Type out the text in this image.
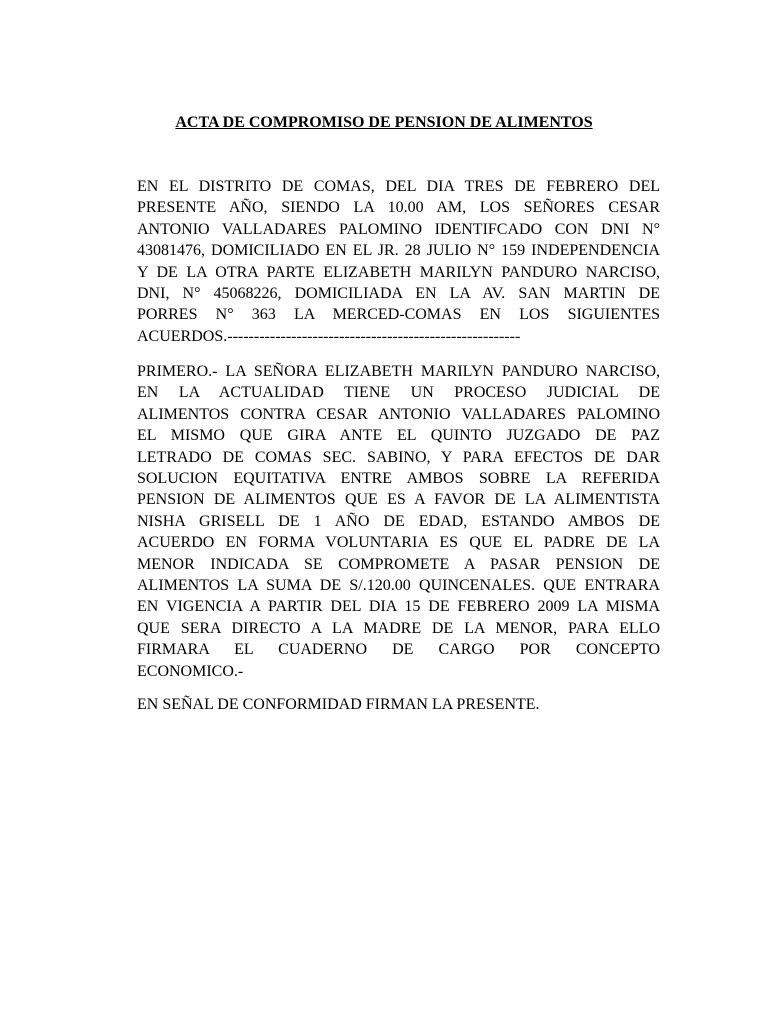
ACTA DE COMPROMISO DE PENSION DE ALIMENTOS
EN EL DISTRITO DE COMAS, DEL DIA TRES DE FEBRERO DEL
PRESENTE AÑO, SIENDO LA 10.00 AM, LOS SEÑORES CESAR
ANTONIO VALLADARES PALOMINO IDENTIFCADO CON DNI N°
43081476, DOMICILIADO EN EL JR. 28 JULIO N° 159 INDEPENDENCIA
Y DE LA OTRA PARTE ELIZABETH MARILYN PANDURO NARCISO,
DNI, N° 45068226, DOMICILIADA EN LA AV. SAN MARTIN DE
PORRES N° 363 LA MERCED-COMAS EN LOS SIGUIENTES
ACUERDOS.-------------------------------------------------------
PRIMERO.- LA SEÑORA ELIZABETH MARILYN PANDURO NARCISO,
EN LA ACTUALIDAD TIENE UN PROCESO JUDICIAL DE
ALIMENTOS CONTRA CESAR ANTONIO VALLADARES PALOMINO
EL MISMO QUE GIRA ANTE EL QUINTO JUZGADO DE PAZ
LETRADO DE COMAS SEC. SABINO, Y PARA EFECTOS DE DAR
SOLUCION EQUITATIVA ENTRE AMBOS SOBRE LA REFERIDA
PENSION DE ALIMENTOS QUE ES A FAVOR DE LA ALIMENTISTA
NISHA GRISELL DE 1 AÑO DE EDAD, ESTANDO AMBOS DE
ACUERDO EN FORMA VOLUNTARIA ES QUE EL PADRE DE LA
MENOR INDICADA SE COMPROMETE A PASAR PENSION DE
ALIMENTOS LA SUMA DE S/.120.00 QUINCENALES. QUE ENTRARA
EN VIGENCIA A PARTIR DEL DIA 15 DE FEBRERO 2009 LA MISMA
QUE SERA DIRECTO A LA MADRE DE LA MENOR, PARA ELLO
FIRMARA EL CUADERNO DE CARGO POR CONCEPTO
ECONOMICO.-
EN SEÑAL DE CONFORMIDAD FIRMAN LA PRESENTE.
